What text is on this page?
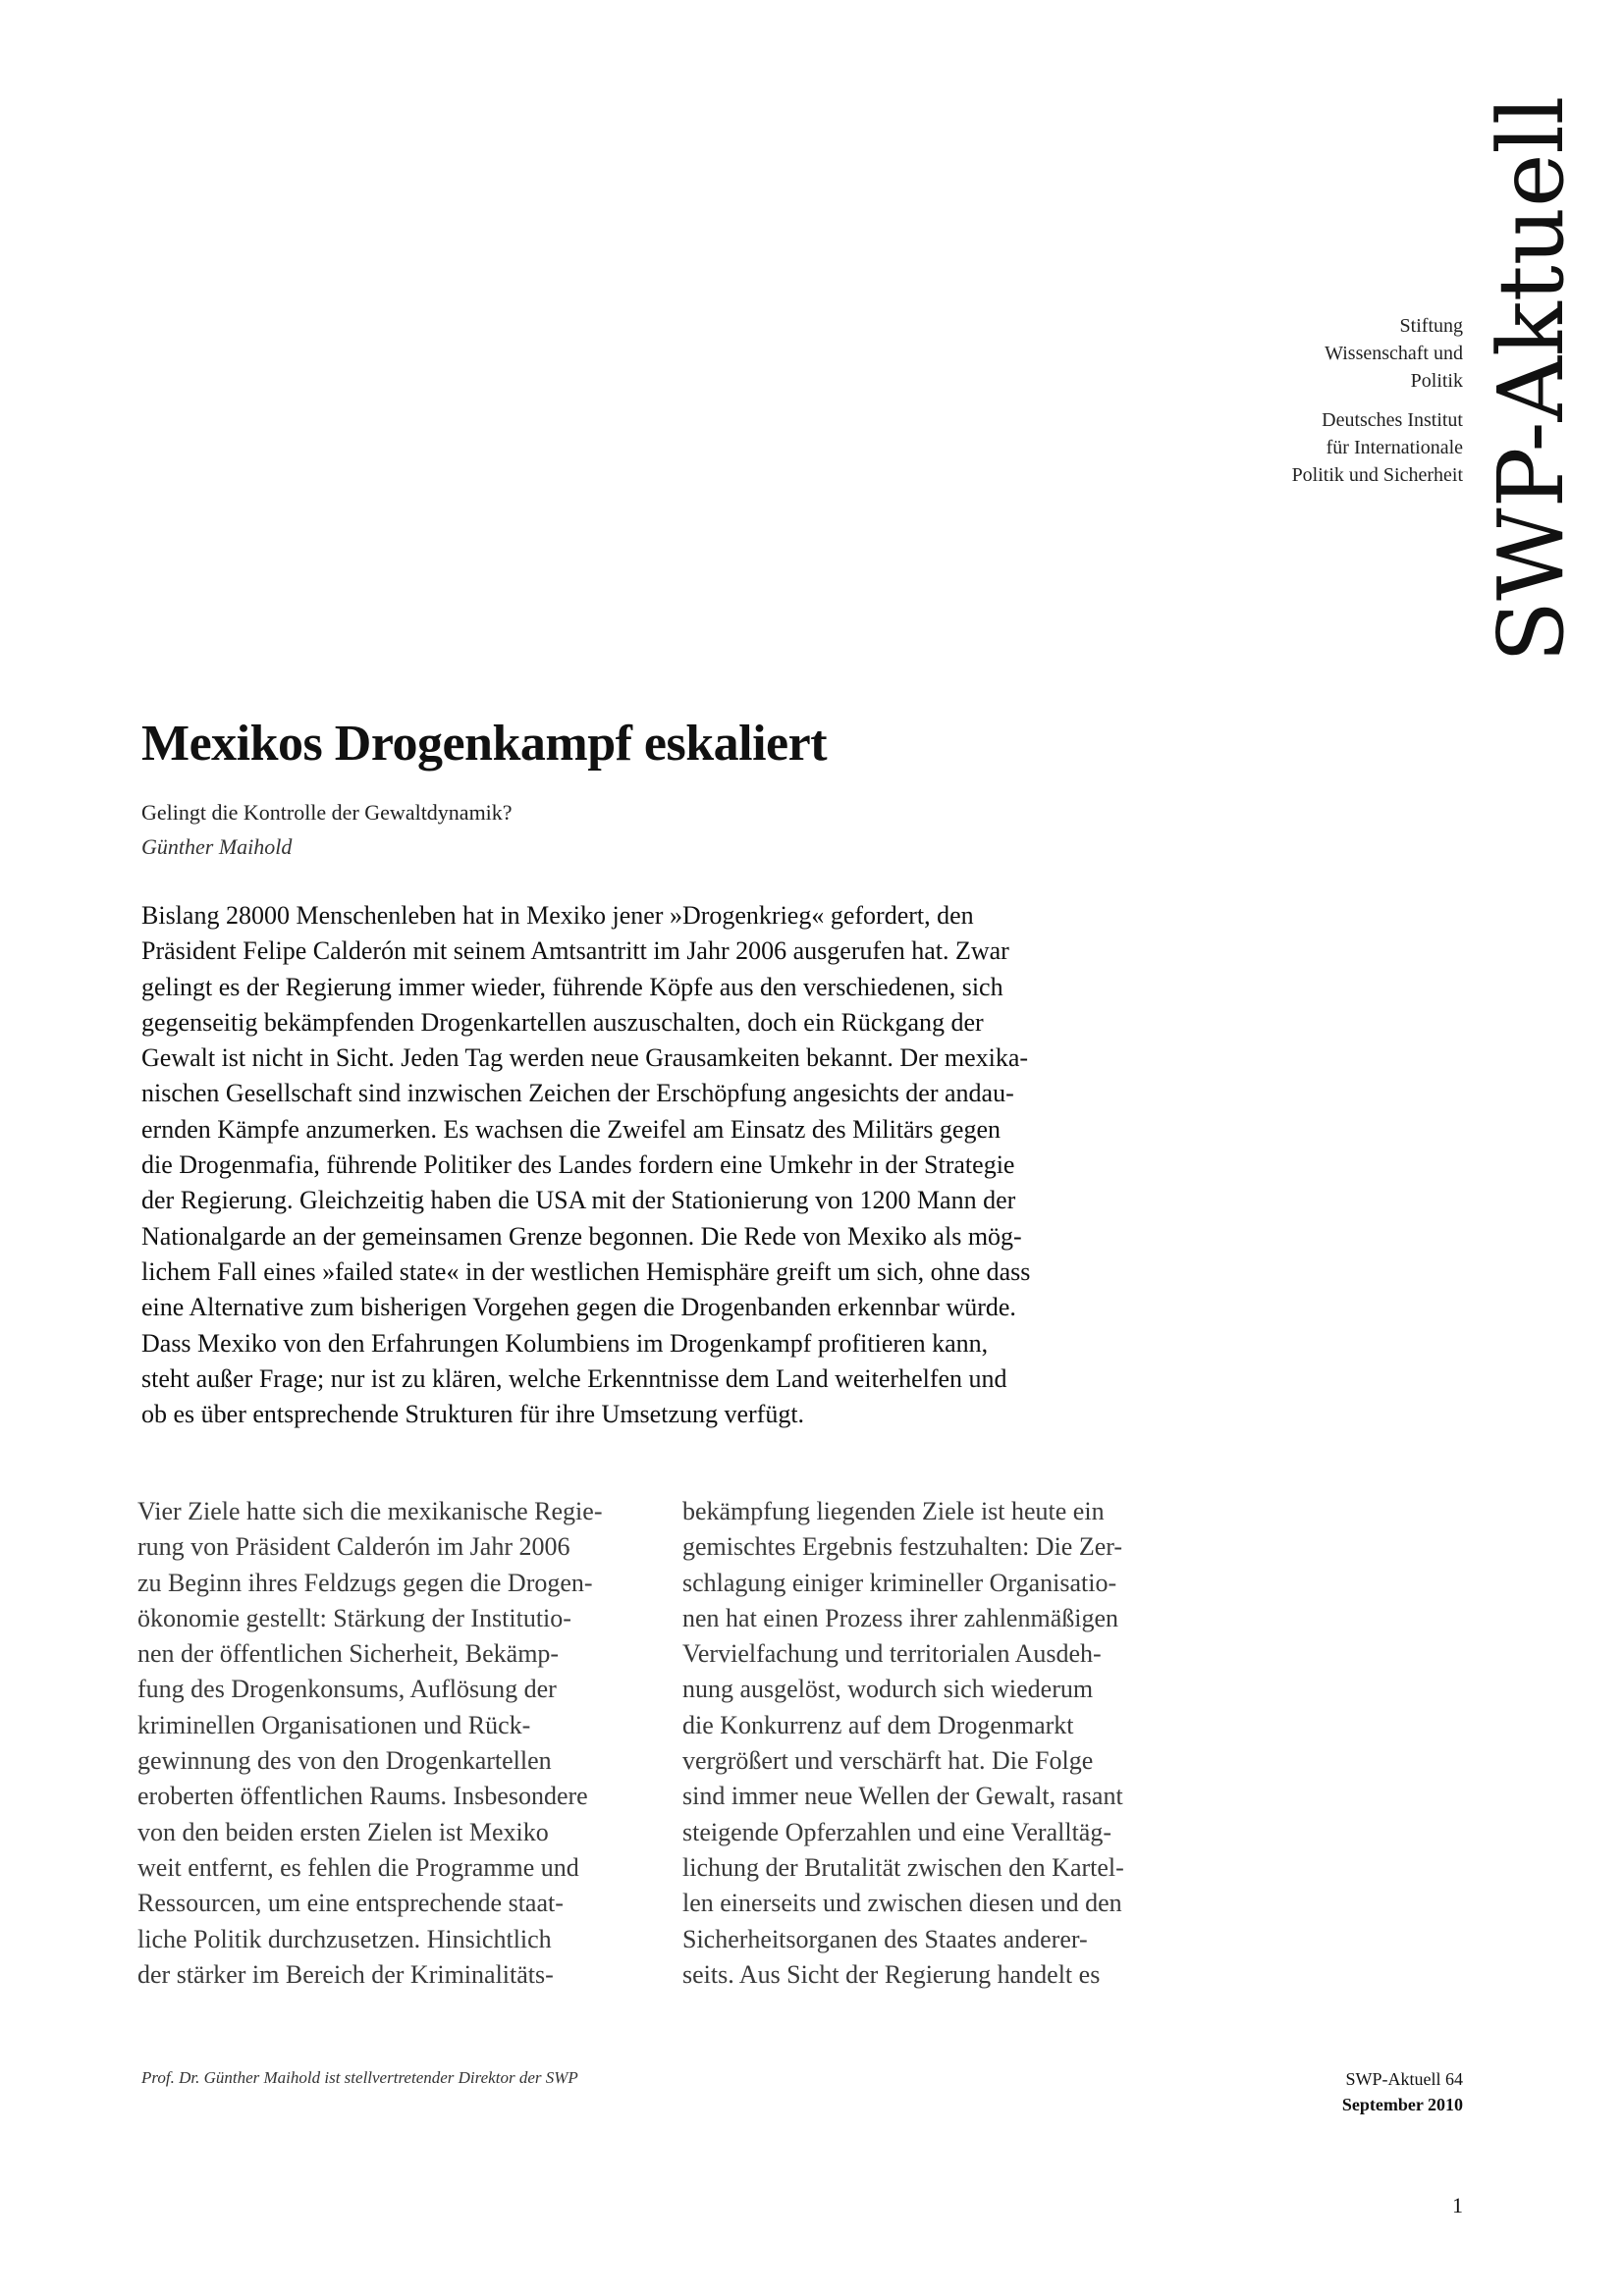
SWP-Aktuell
Stiftung
Wissenschaft und
Politik
Deutsches Institut
für Internationale
Politik und Sicherheit
Mexikos Drogenkampf eskaliert
Gelingt die Kontrolle der Gewaltdynamik?
Günther Maihold
Bislang 28000 Menschenleben hat in Mexiko jener »Drogenkrieg« gefordert, den
Präsident Felipe Calderón mit seinem Amtsantritt im Jahr 2006 ausgerufen hat. Zwar
gelingt es der Regierung immer wieder, führende Köpfe aus den verschiedenen, sich
gegenseitig bekämpfenden Drogenkartellen auszuschalten, doch ein Rückgang der
Gewalt ist nicht in Sicht. Jeden Tag werden neue Grausamkeiten bekannt. Der mexika-
nischen Gesellschaft sind inzwischen Zeichen der Erschöpfung angesichts der andau-
ernden Kämpfe anzumerken. Es wachsen die Zweifel am Einsatz des Militärs gegen
die Drogenmafia, führende Politiker des Landes fordern eine Umkehr in der Strategie
der Regierung. Gleichzeitig haben die USA mit der Stationierung von 1200 Mann der
Nationalgarde an der gemeinsamen Grenze begonnen. Die Rede von Mexiko als mög-
lichem Fall eines »failed state« in der westlichen Hemisphäre greift um sich, ohne dass
eine Alternative zum bisherigen Vorgehen gegen die Drogenbanden erkennbar würde.
Dass Mexiko von den Erfahrungen Kolumbiens im Drogenkampf profitieren kann,
steht außer Frage; nur ist zu klären, welche Erkenntnisse dem Land weiterhelfen und
ob es über entsprechende Strukturen für ihre Umsetzung verfügt.
Vier Ziele hatte sich die mexikanische Regie-
rung von Präsident Calderón im Jahr 2006
zu Beginn ihres Feldzugs gegen die Drogen-
ökonomie gestellt: Stärkung der Institutio-
nen der öffentlichen Sicherheit, Bekämp-
fung des Drogenkonsums, Auflösung der
kriminellen Organisationen und Rück-
gewinnung des von den Drogenkartellen
eroberten öffentlichen Raums. Insbesondere
von den beiden ersten Zielen ist Mexiko
weit entfernt, es fehlen die Programme und
Ressourcen, um eine entsprechende staat-
liche Politik durchzusetzen. Hinsichtlich
der stärker im Bereich der Kriminalitäts-
bekämpfung liegenden Ziele ist heute ein
gemischtes Ergebnis festzuhalten: Die Zer-
schlagung einiger krimineller Organisatio-
nen hat einen Prozess ihrer zahlenmäßigen
Vervielfachung und territorialen Ausdeh-
nung ausgelöst, wodurch sich wiederum
die Konkurrenz auf dem Drogenmarkt
vergrößert und verschärft hat. Die Folge
sind immer neue Wellen der Gewalt, rasant
steigende Opferzahlen und eine Veralltäg-
lichung der Brutalität zwischen den Kartel-
len einerseits und zwischen diesen und den
Sicherheitsorganen des Staates anderer-
seits. Aus Sicht der Regierung handelt es
Prof. Dr. Günther Maihold ist stellvertretender Direktor der SWP	SWP-Aktuell 64
September 2010
1
